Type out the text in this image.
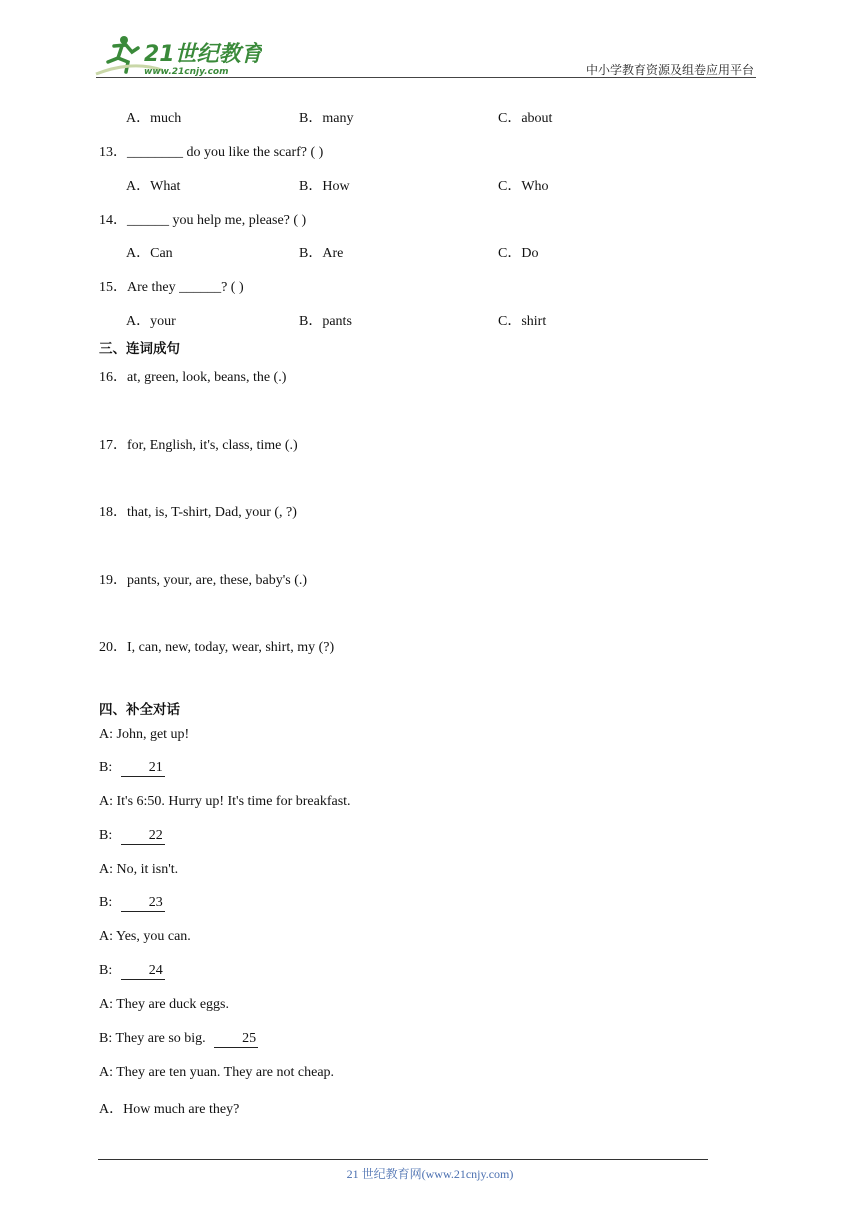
21世纪教育
www.21cnjy.com	中小学教育资源及组卷应用平台
A．much	B．many	C．about
13．________ do you like the scarf? ( )
A．What	B．How	C．Who
14．______ you help me, please? ( )
A．Can	B．Are	C．Do
15．Are they ______? ( )
A．your	B．pants	C．shirt
三、连词成句
16．at, green, look, beans, the (.)
17．for, English, it's, class, time (.)
18．that, is, T-shirt, Dad, your (, ?)
19．pants, your, are, these, baby's (.)
20．I, can, new, today, wear, shirt, my (?)
四、补全对话
A: John, get up!
B:	21
A: It's 6:50. Hurry up! It's time for breakfast.
B:	22
A: No, it isn't.
B:	23
A: Yes, you can.
B:	24
A: They are duck eggs.
B: They are so big.	25
A: They are ten yuan. They are not cheap.
A．How much are they?
21 世纪教育网(www.21cnjy.com)
